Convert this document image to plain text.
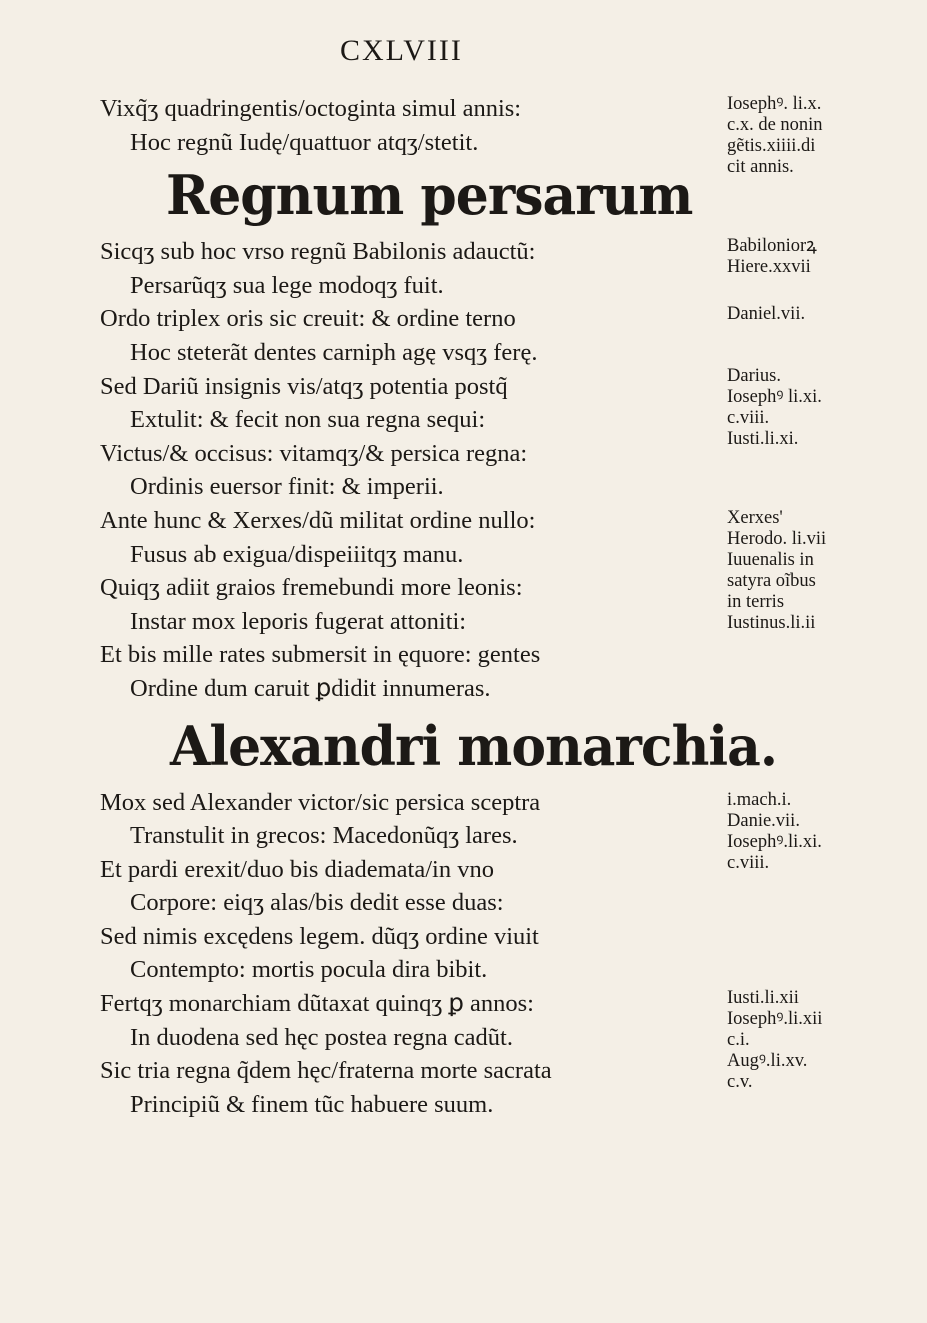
CXLVIII
Vixq̃ʒ quadringentis/octoginta simul annis:
Hoc regnũ Iudę/quattuor atqʒ/stetit.
Regnum persarum
Sicqʒ sub hoc vrso regnũ Babilonis adauctũ:
Persarũqʒ sua lege modoqʒ fuit.
Ordo triplex oris sic creuit: & ordine terno
Hoc steterãt dentes carniph agę vsqʒ ferę.
Sed Dariũ insignis vis/atqʒ potentia postq̃
Extulit: & fecit non sua regna sequi:
Victus/& occisus: vitamqʒ/& persica regna:
Ordinis euersor finit: & imperii.
Ante hunc & Xerxes/dũ militat ordine nullo:
Fusus ab exigua/dispeiiitqʒ manu.
Quiqʒ adiit graios fremebundi more leonis:
Instar mox leporis fugerat attoniti:
Et bis mille rates submersit in ęquore: gentes
Ordine dum caruit ꝑdidit innumeras.
Alexandri monarchia.
Mox sed Alexander victor/sic persica sceptra
Transtulit in grecos: Macedonũqʒ lares.
Et pardi erexit/duo bis diademata/in vno
Corpore: eiqʒ alas/bis dedit esse duas:
Sed nimis excędens legem. dũqʒ ordine viuit
Contempto: mortis pocula dira bibit.
Fertqʒ monarchiam dũtaxat quinqʒ ꝑ annos:
In duodena sed hęc postea regna cadũt.
Sic tria regna q̃dem hęc/fraterna morte sacrata
Principiũ & finem tũc habuere suum.
Iosephꝰ. li.x.
c.x. de nonin
gẽtis.xiiii.di
cit annis.
Babiloniorꝝ
Hiere.xxvii
Daniel.vii.
Darius.
Iosephꝰ li.xi.
c.viii.
Iusti.li.xi.
Xerxes'
Herodo. li.vii
Iuuenalis in
satyra oĩbus
in terris
Iustinus.li.ii
i.mach.i.
Danie.vii.
Iosephꝰ.li.xi.
c.viii.
Iusti.li.xii
Iosephꝰ.li.xii
c.i.
Augꝰ.li.xv.
c.v.
